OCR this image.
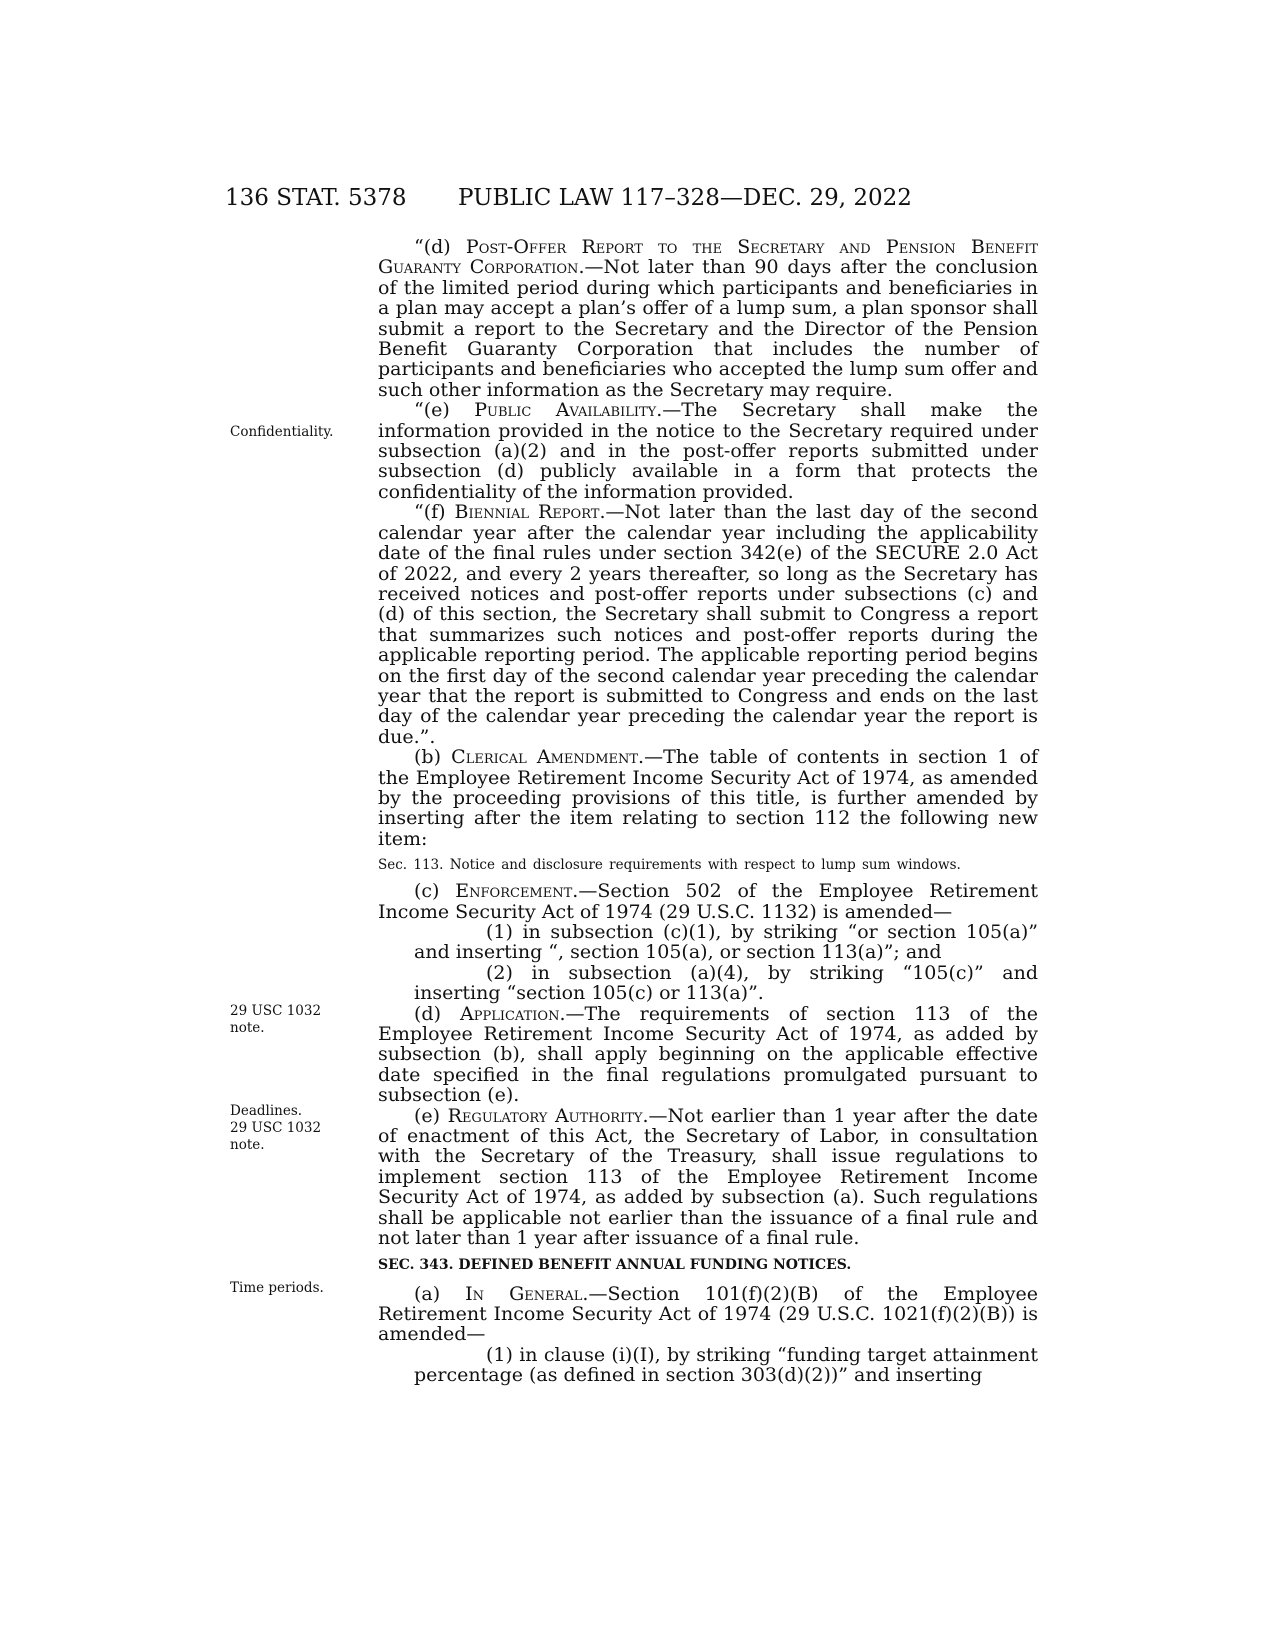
136 STAT. 5378 PUBLIC LAW 117–328—DEC. 29, 2022
Confidentiality.
29 USC 1032
note.
Deadlines.
29 USC 1032
note.
Time periods.

“(d) Post-Offer Report to the Secretary and Pension Benefit Guaranty Corporation.—Not later than 90 days after the conclusion of the limited period during which participants and beneficiaries in a plan may accept a plan’s offer of a lump sum, a plan sponsor shall submit a report to the Secretary and the Director of the Pension Benefit Guaranty Corporation that includes the number of participants and beneficiaries who accepted the lump sum offer and such other information as the Secretary may require.

“(e) Public Availability.—The Secretary shall make the information provided in the notice to the Secretary required under subsection (a)(2) and in the post-offer reports submitted under subsection (d) publicly available in a form that protects the confidentiality of the information provided.

“(f) Biennial Report.—Not later than the last day of the second calendar year after the calendar year including the applicability date of the final rules under section 342(e) of the SECURE 2.0 Act of 2022, and every 2 years thereafter, so long as the Secretary has received notices and post-offer reports under subsections (c) and (d) of this section, the Secretary shall submit to Congress a report that summarizes such notices and post-offer reports during the applicable reporting period. The applicable reporting period begins on the first day of the second calendar year preceding the calendar year that the report is submitted to Congress and ends on the last day of the calendar year preceding the calendar year the report is due.”.

(b) Clerical Amendment.—The table of contents in section 1 of the Employee Retirement Income Security Act of 1974, as amended by the proceeding provisions of this title, is further amended by inserting after the item relating to section 112 the following new item:

Sec. 113. Notice and disclosure requirements with respect to lump sum windows.

(c) Enforcement.—Section 502 of the Employee Retirement Income Security Act of 1974 (29 U.S.C. 1132) is amended—

(1) in subsection (c)(1), by striking “or section 105(a)” and inserting “, section 105(a), or section 113(a)”; and

(2) in subsection (a)(4), by striking “105(c)” and inserting “section 105(c) or 113(a)”.

(d) Application.—The requirements of section 113 of the Employee Retirement Income Security Act of 1974, as added by subsection (b), shall apply beginning on the applicable effective date specified in the final regulations promulgated pursuant to subsection (e).

(e) Regulatory Authority.—Not earlier than 1 year after the date of enactment of this Act, the Secretary of Labor, in consultation with the Secretary of the Treasury, shall issue regulations to implement section 113 of the Employee Retirement Income Security Act of 1974, as added by subsection (a). Such regulations shall be applicable not earlier than the issuance of a final rule and not later than 1 year after issuance of a final rule.

SEC. 343. DEFINED BENEFIT ANNUAL FUNDING NOTICES.

(a) In General.—Section 101(f)(2)(B) of the Employee Retirement Income Security Act of 1974 (29 U.S.C. 1021(f)(2)(B)) is amended—

(1) in clause (i)(I), by striking “funding target attainment percentage (as defined in section 303(d)(2))” and inserting
